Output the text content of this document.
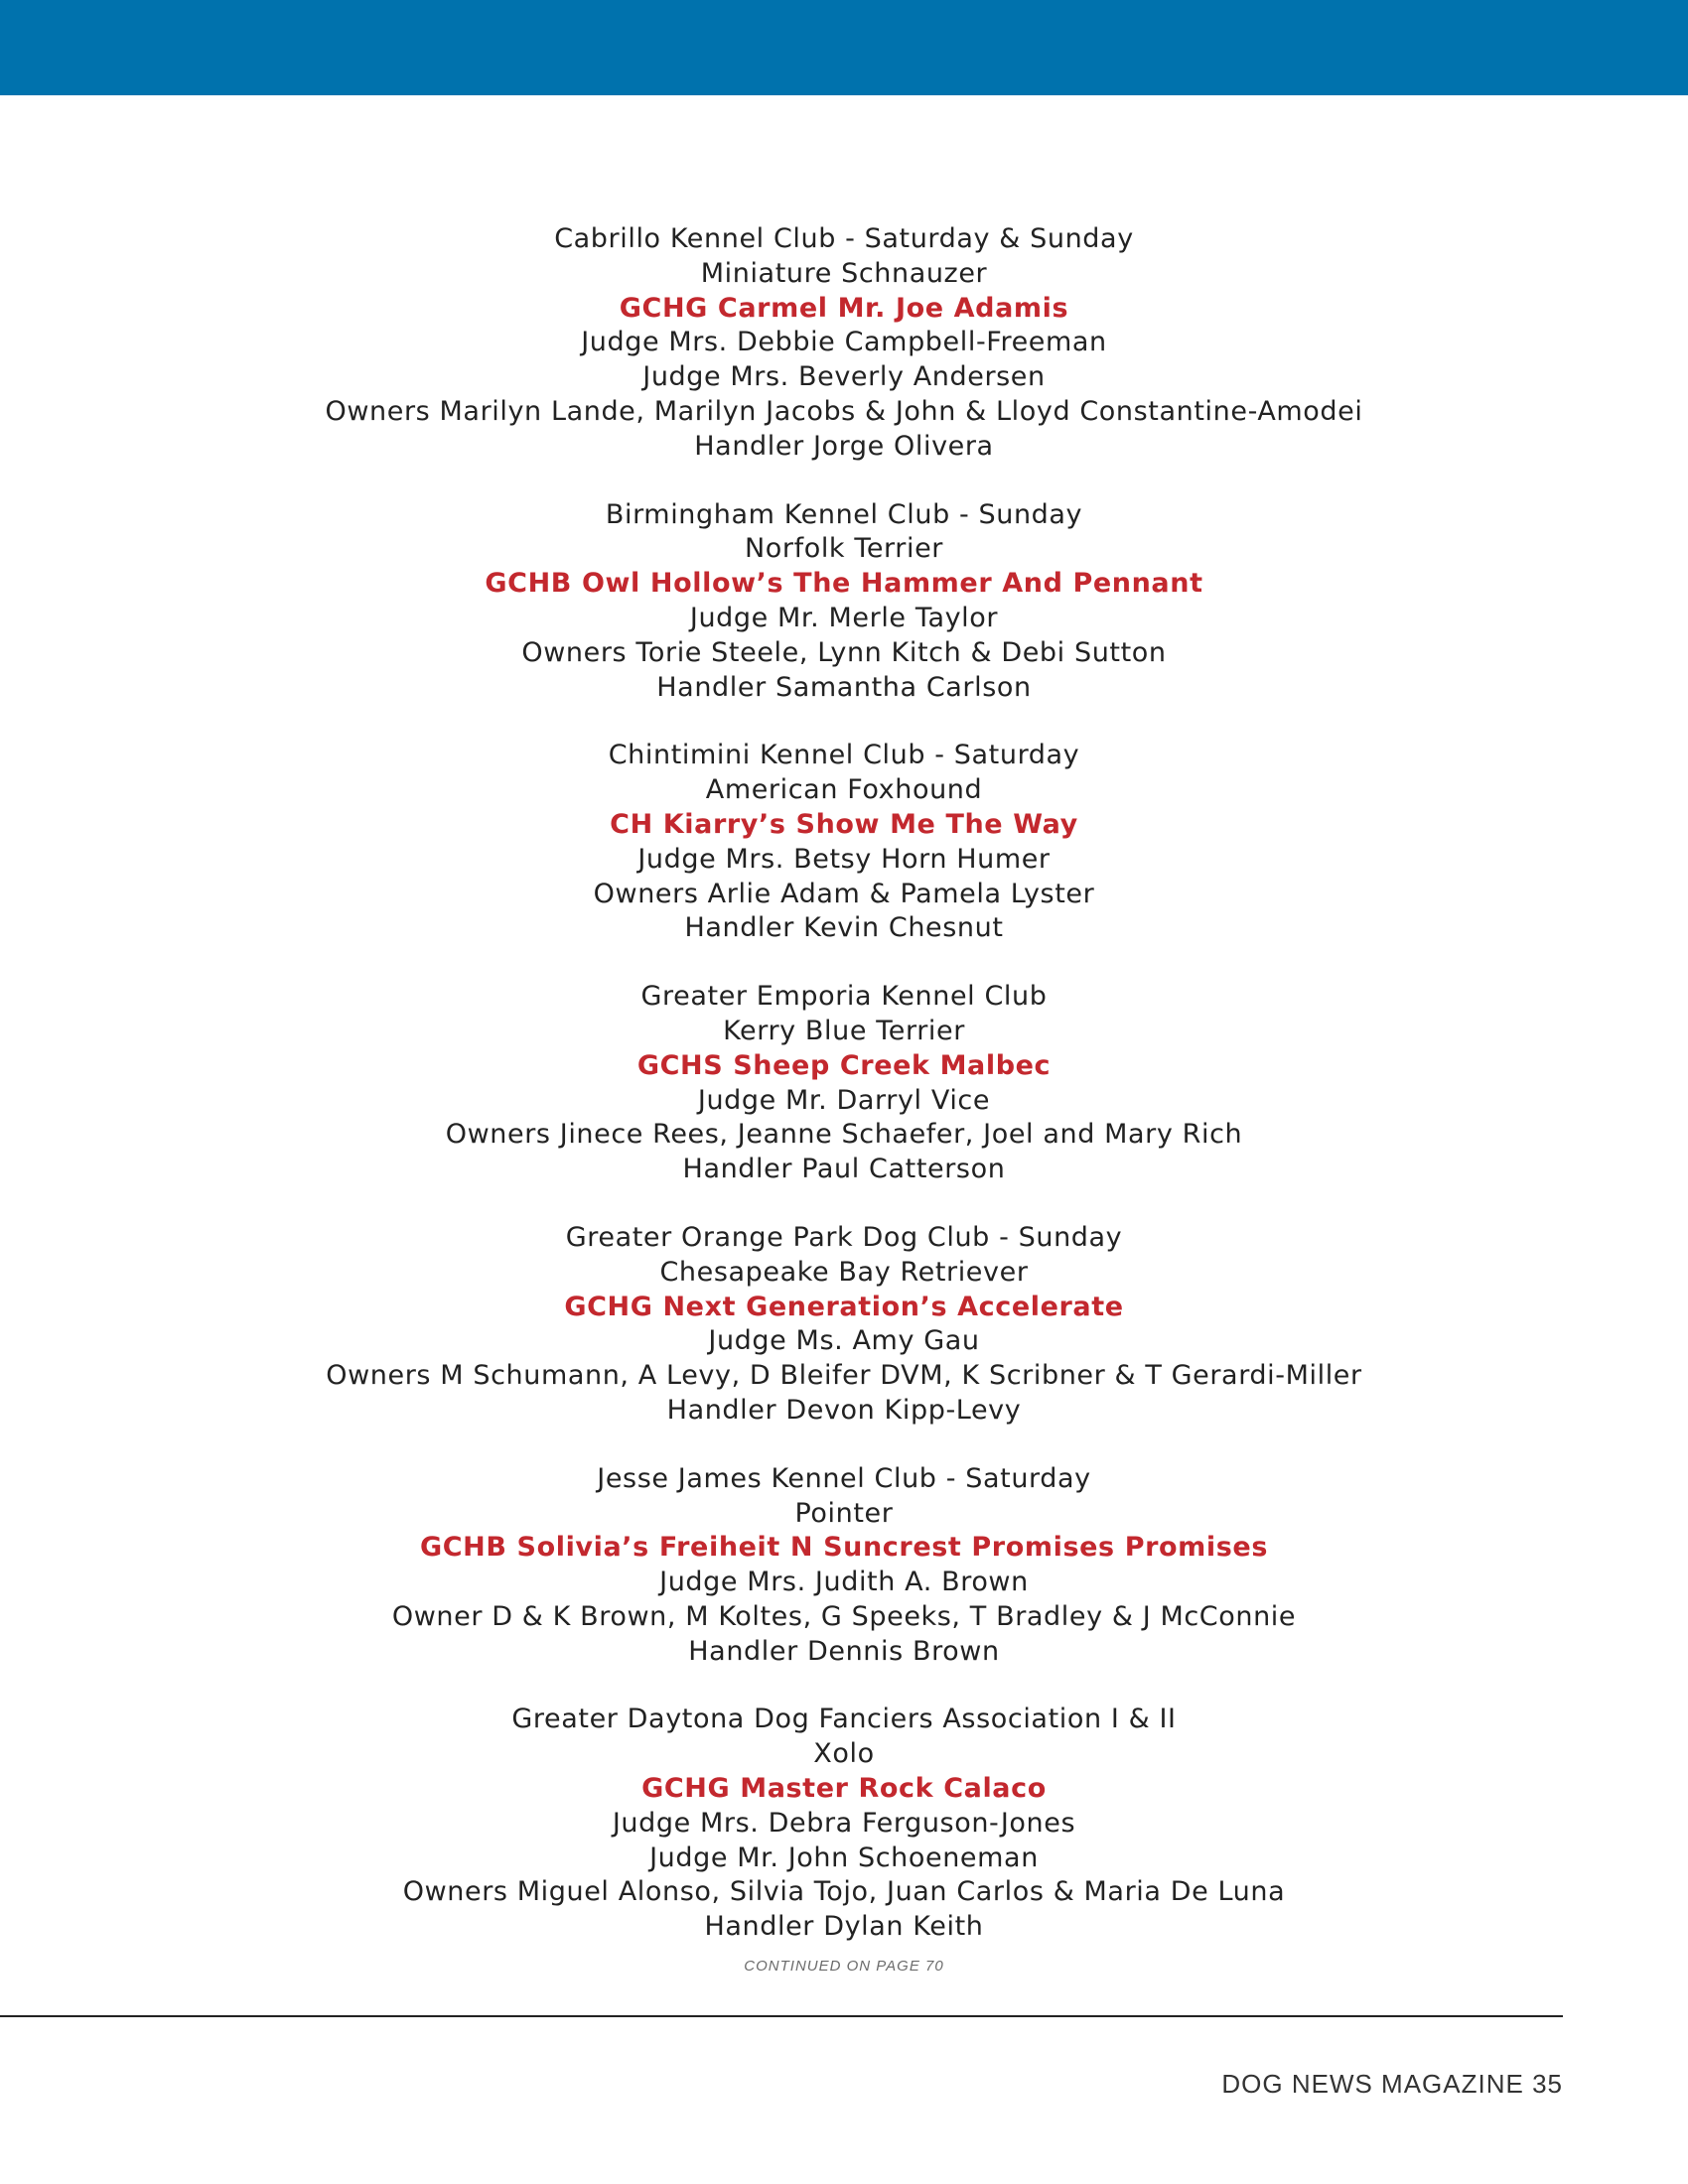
Cabrillo Kennel Club - Saturday & Sunday
Miniature Schnauzer
GCHG Carmel Mr. Joe Adamis
Judge Mrs. Debbie Campbell-Freeman
Judge Mrs. Beverly Andersen
Owners Marilyn Lande, Marilyn Jacobs & John & Lloyd Constantine-Amodei
Handler Jorge Olivera
Birmingham Kennel Club - Sunday
Norfolk Terrier
GCHB Owl Hollow’s The Hammer And Pennant
Judge Mr. Merle Taylor
Owners Torie Steele, Lynn Kitch & Debi Sutton
Handler Samantha Carlson
Chintimini Kennel Club - Saturday
American Foxhound
CH Kiarry’s Show Me The Way
Judge Mrs. Betsy Horn Humer
Owners Arlie Adam & Pamela Lyster
Handler Kevin Chesnut
Greater Emporia Kennel Club
Kerry Blue Terrier
GCHS Sheep Creek Malbec
Judge Mr. Darryl Vice
Owners Jinece Rees, Jeanne Schaefer, Joel and Mary Rich
Handler Paul Catterson
Greater Orange Park Dog Club - Sunday
Chesapeake Bay Retriever
GCHG Next Generation’s Accelerate
Judge Ms. Amy Gau
Owners M Schumann, A Levy, D Bleifer DVM, K Scribner & T Gerardi-Miller
Handler Devon Kipp-Levy
Jesse James Kennel Club - Saturday
Pointer
GCHB Solivia’s Freiheit N Suncrest Promises Promises
Judge Mrs. Judith A. Brown
Owner D & K Brown, M Koltes, G Speeks, T Bradley & J McConnie
Handler Dennis Brown
Greater Daytona Dog Fanciers Association I & II
Xolo
GCHG Master Rock Calaco
Judge Mrs. Debra Ferguson-Jones
Judge Mr. John Schoeneman
Owners Miguel Alonso, Silvia Tojo, Juan Carlos & Maria De Luna
Handler Dylan Keith
CONTINUED ON PAGE 70
DOG NEWS MAGAZINE 35
